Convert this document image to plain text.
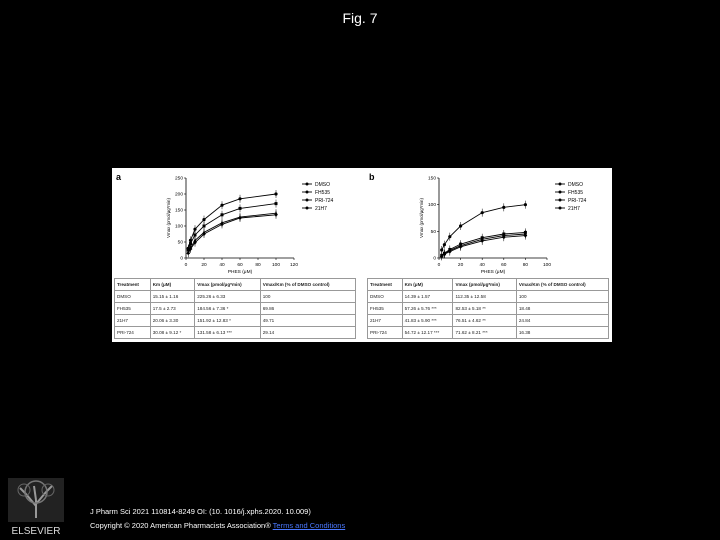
Fig. 7
a
0
50
100
150
200
250
0	20	40	60	80 100 120
PHES (μM)
Vmax (pmol/μg*min)
DMSO
FH535
PRI-724
21H7
Treatment	Km (μM)	Vmax (pmol/μg*min)	Vmax/Km (% of DMSO control)
DMSO	15.15 ± 1.16	225.26 ± 6.33	100
FH535	17.5 ± 2.73	184.56 ± 7.36 *	69.86
21H7	20.06 ± 3.30	151.92 ± 12.83 *	49.71
PRI-724	30.08 ± 9.12 *	131.58 ± 6.13 ***	29.14
b
0
50
100
150
0	20	40	60	80	100
PHES (μM)
Vmax (pmol/μg*min)
DMSO
FH535
PRI-724
21H7
Treatment	Km (μM)	Vmax (pmol/μg*min)	Vmax/Km (% of DMSO control)
DMSO	14.39 ± 1.57	112.35 ± 12.58	100
FH535	57.26 ± 5.76 ***	82.53 ± 5.18 **	18.48
21H7	41.83 ± 5.90 ***	76.51 ± 4.62 **	24.84
PRI-724	54.72 ± 12.17 ***	71.62 ± 8.21 ***	16.38
ELSEVIER
J Pharm Sci 2021 110814-8249 OI: (10. 1016/j.xphs.2020. 10.009)
Copyright © 2020 American Pharmacists Association® Terms and Conditions
